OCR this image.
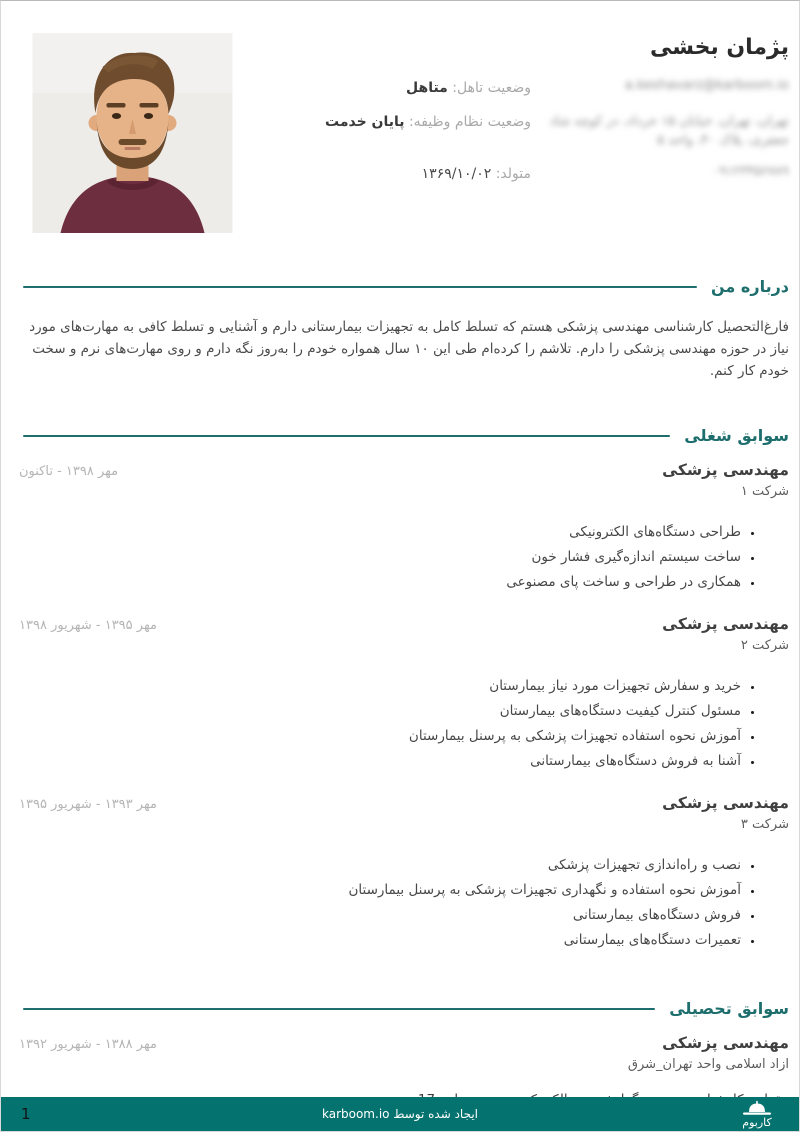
پژمان بخشی
a.keshavarz@karboom.io
وضعیت تاهل: متاهل
تهران، تهران، خیابان ۱۵ خرداد، در کوچه شاد
جعفری، پلاک ۴۰، واحد ۵
وضعیت نظام وظیفه: پایان خدمت
۰۹۱۲۳۴۵۶۷۸۹
متولد: ۱۳۶۹/۱۰/۰۲
درباره من

فارغ‌التحصیل کارشناسی مهندسی پزشکی هستم که تسلط کامل به تجهیزات بیمارستانی دارم و آشنایی و تسلط کافی به مهارت‌های مورد نیاز در حوزه مهندسی پزشکی را دارم. تلاشم را کرده‌ام طی این ۱۰ سال همواره خودم را به‌روز نگه دارم و روی مهارت‌های نرم و سخت خودم کار کنم.

سوابق شغلی
مهندسی پزشکی
شرکت ۱
مهر ۱۳۹۸ - تاکنون
• طراحی دستگاه‌های الکترونیکی
• ساخت سیستم اندازه‌گیری فشار خون
• همکاری در طراحی و ساخت پای مصنوعی
مهندسی پزشکی
شرکت ۲
مهر ۱۳۹۵ - شهریور ۱۳۹۸
• خرید و سفارش تجهیزات مورد نیاز بیمارستان
• مسئول کنترل کیفیت دستگاه‌های بیمارستان
• آموزش نحوه استفاده تجهیزات پزشکی به پرسنل بیمارستان
• آشنا به فروش دستگاه‌های بیمارستانی
مهندسی پزشکی
شرکت ۳
مهر ۱۳۹۳ - شهریور ۱۳۹۵
• نصب و راه‌اندازی تجهیزات پزشکی
• آموزش نحوه استفاده و نگهداری تجهیزات پزشکی به پرسنل بیمارستان
• فروش دستگاه‌های بیمارستانی
• تعمیرات دستگاه‌های بیمارستانی
سوابق تحصیلی
مهندسی پزشکی
ازاد اسلامی واحد تهران_شرق
مهر ۱۳۸۸ - شهریور ۱۳۹۲
1	ایجاد شده توسط karboom.io
کاربوم
